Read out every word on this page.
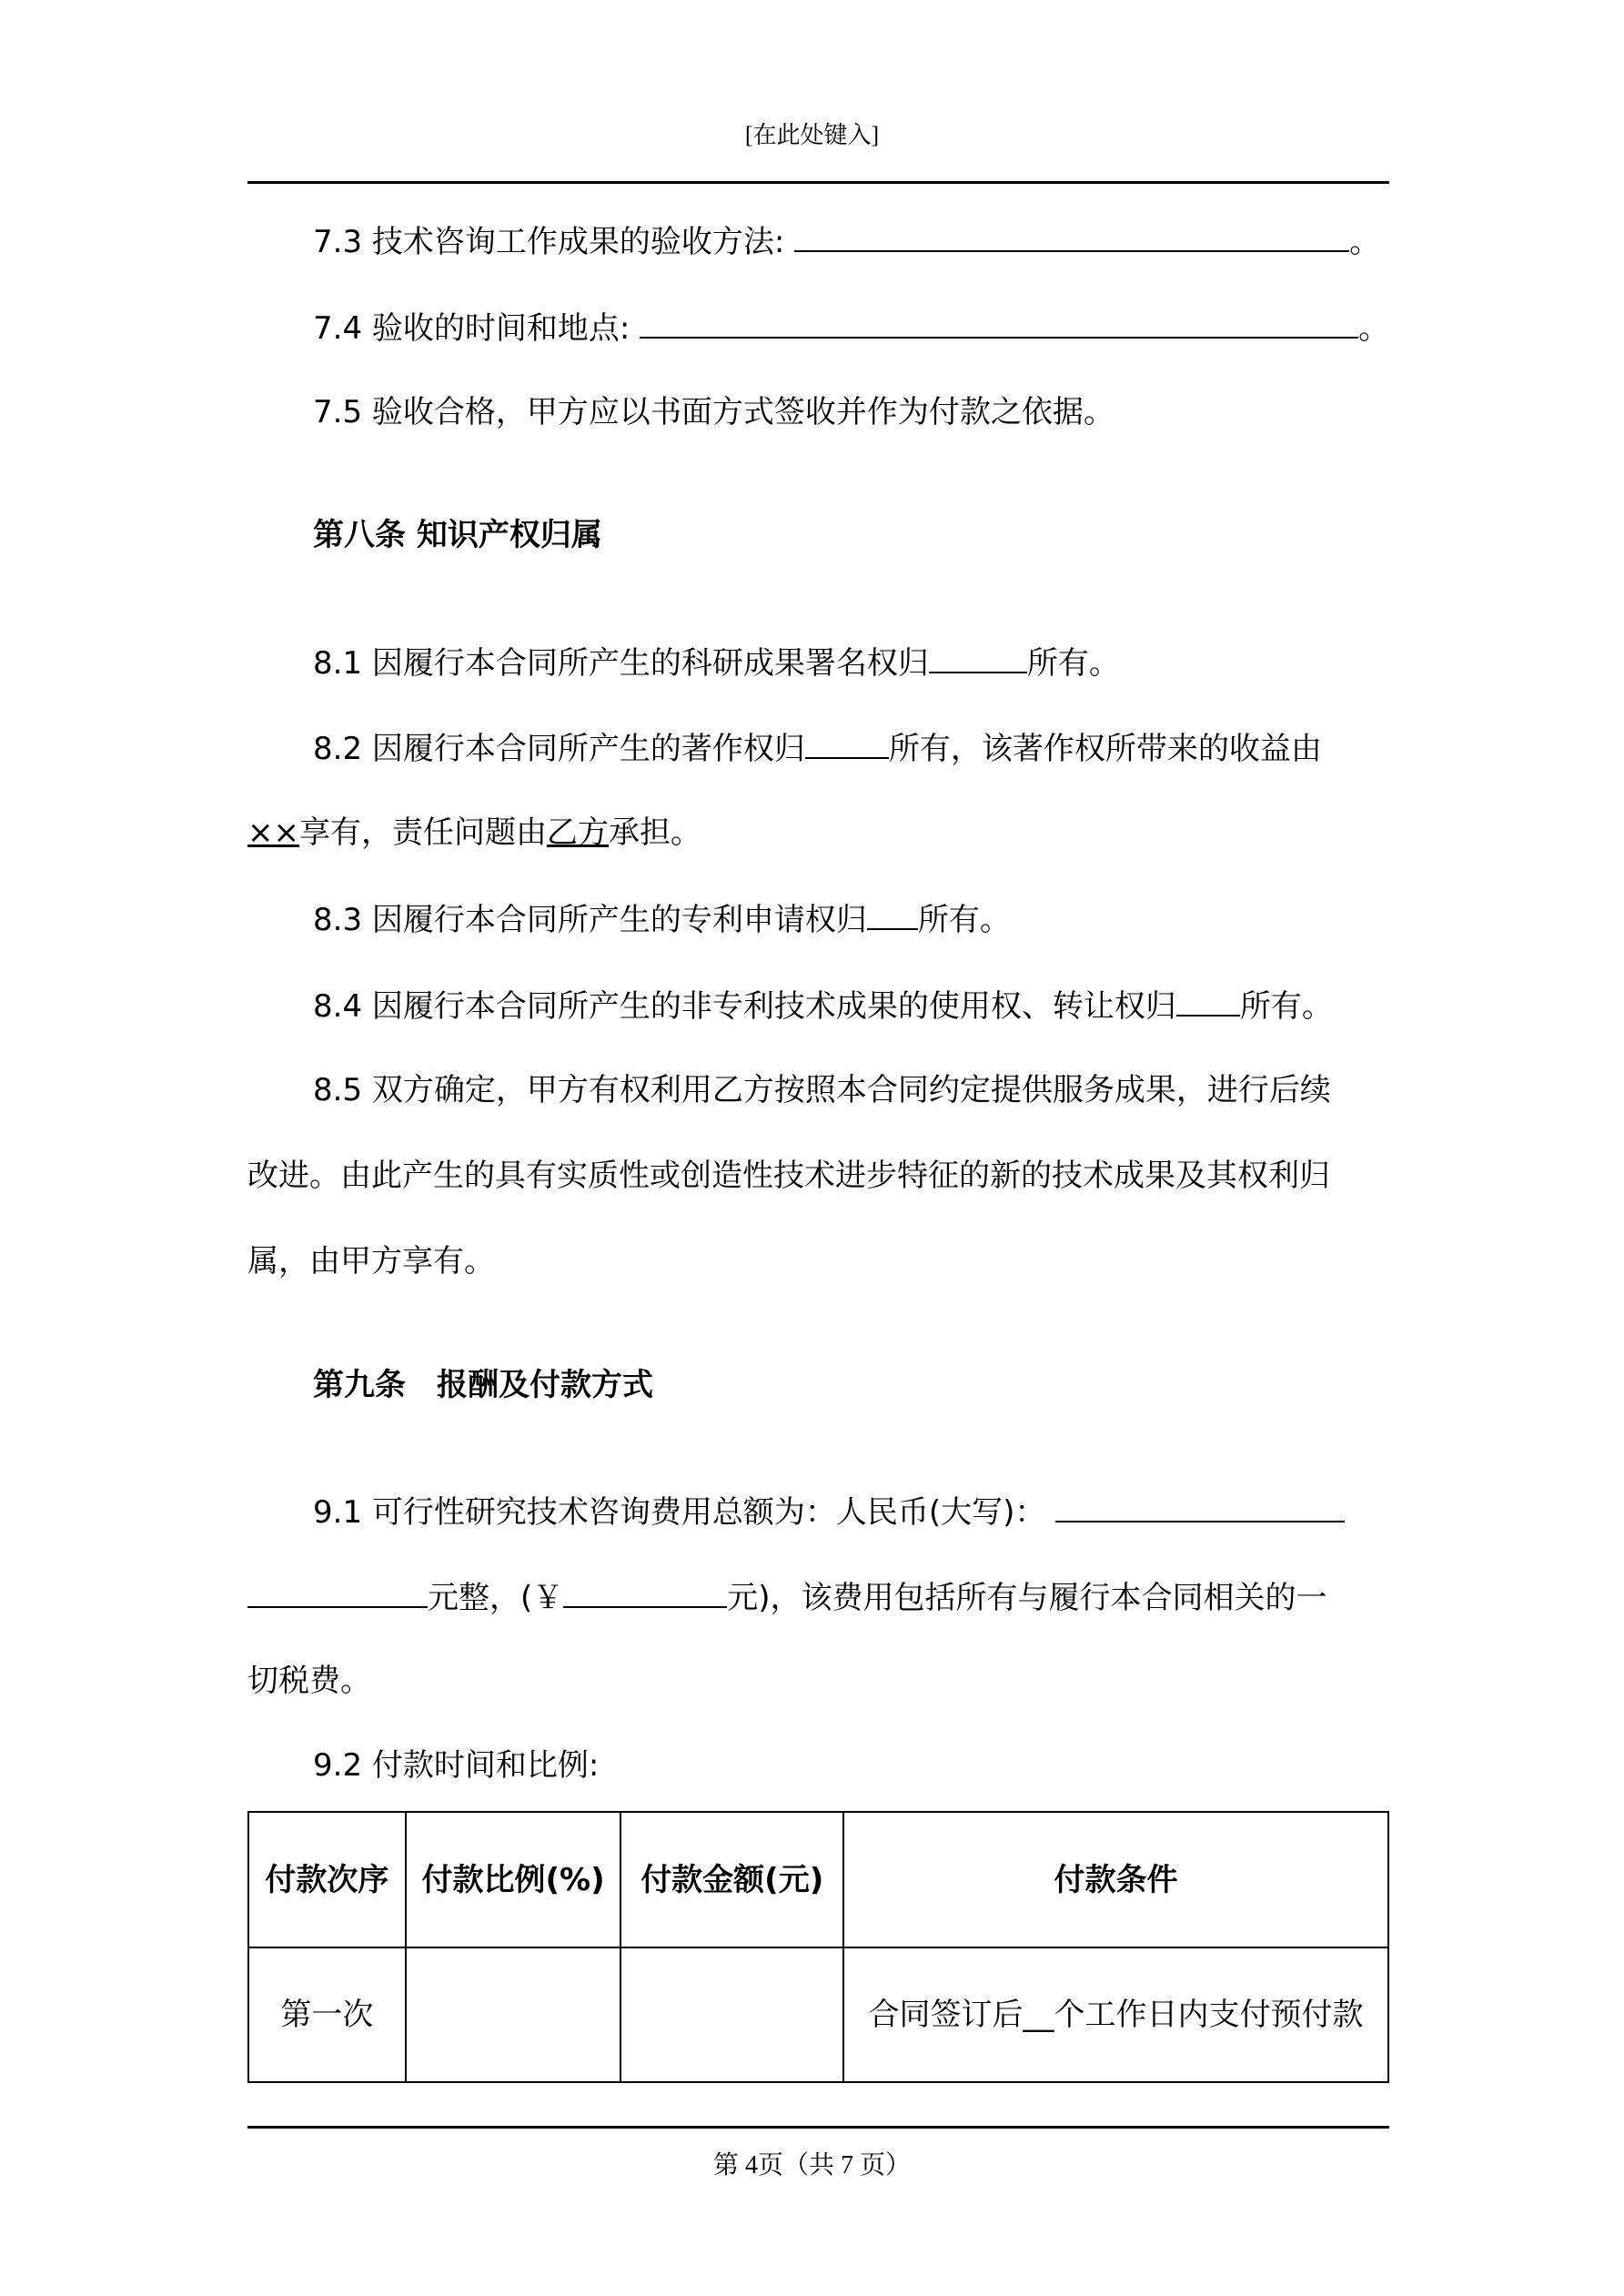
[在此处键入]
7.3 技术咨询工作成果的验收方法:	。
7.4 验收的时间和地点:	。
7.5 验收合格，甲方应以书面方式签收并作为付款之依据。
第八条 知识产权归属
8.1 因履行本合同所产生的科研成果署名权归	所有。
8.2 因履行本合同所产生的著作权归	所有，该著作权所带来的收益由
××享有，责任问题由乙方承担。
8.3 因履行本合同所产生的专利申请权归 所有。
8.4 因履行本合同所产生的非专利技术成果的使用权、转让权归 所有。
8.5 双方确定，甲方有权利用乙方按照本合同约定提供服务成果，进行后续
改进。由此产生的具有实质性或创造性技术进步特征的新的技术成果及其权利归
属，由甲方享有。
第九条　报酬及付款方式
9.1 可行性研究技术咨询费用总额为：人民币(大写)：
元整，(￥	元)，该费用包括所有与履行本合同相关的一
切税费。
9.2 付款时间和比例:
付款次序	付款比例(%)	付款金额(元)	付款条件
第一次			合同签订后__个工作日内支付预付款
第 4页（共 7 页）
